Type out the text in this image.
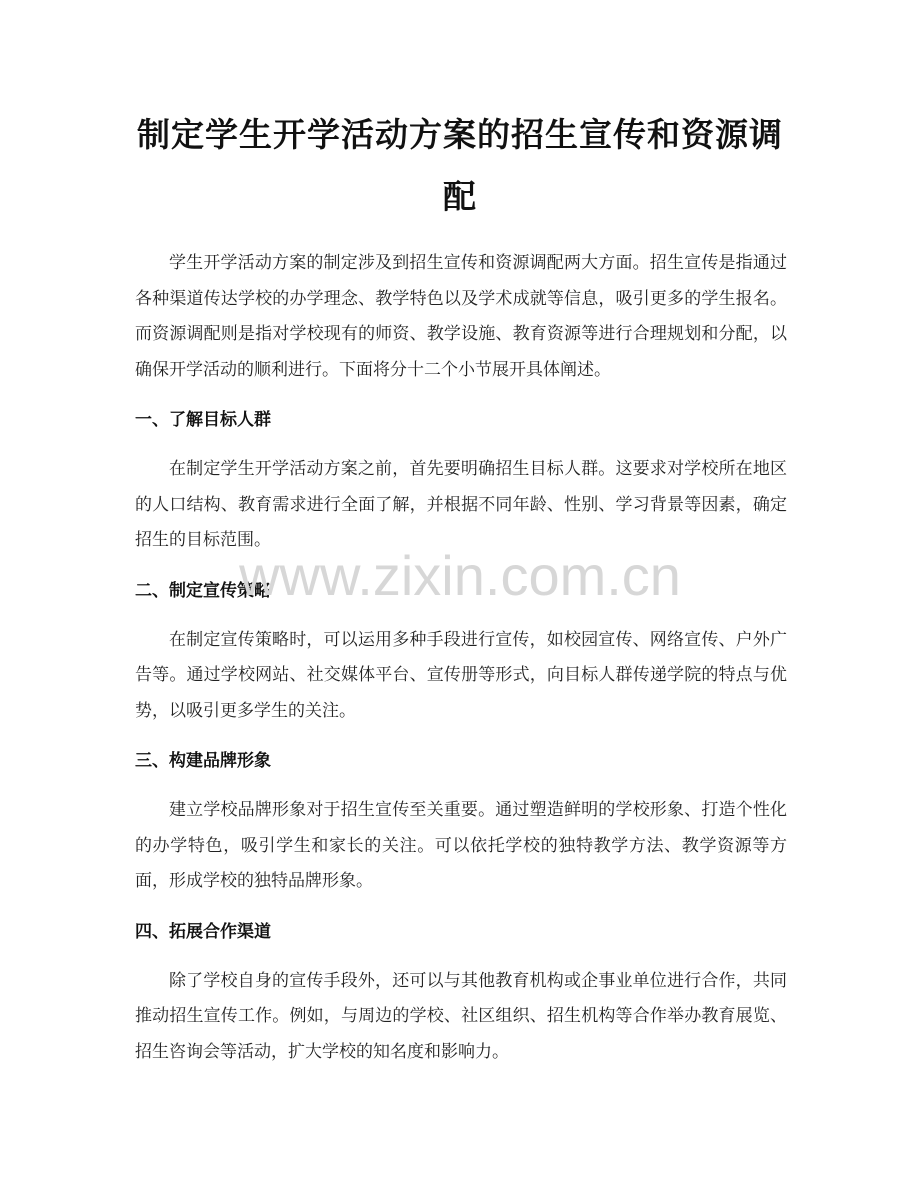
制定学生开学活动方案的招生宣传和资源调配

学生开学活动方案的制定涉及到招生宣传和资源调配两大方面。招生宣传是指通过各种渠道传达学校的办学理念、教学特色以及学术成就等信息，吸引更多的学生报名。而资源调配则是指对学校现有的师资、教学设施、教育资源等进行合理规划和分配，以确保开学活动的顺利进行。下面将分十二个小节展开具体阐述。

一、了解目标人群

在制定学生开学活动方案之前，首先要明确招生目标人群。这要求对学校所在地区的人口结构、教育需求进行全面了解，并根据不同年龄、性别、学习背景等因素，确定招生的目标范围。

二、制定宣传策略

在制定宣传策略时，可以运用多种手段进行宣传，如校园宣传、网络宣传、户外广告等。通过学校网站、社交媒体平台、宣传册等形式，向目标人群传递学院的特点与优势，以吸引更多学生的关注。

三、构建品牌形象

建立学校品牌形象对于招生宣传至关重要。通过塑造鲜明的学校形象、打造个性化的办学特色，吸引学生和家长的关注。可以依托学校的独特教学方法、教学资源等方面，形成学校的独特品牌形象。

四、拓展合作渠道

除了学校自身的宣传手段外，还可以与其他教育机构或企事业单位进行合作，共同推动招生宣传工作。例如，与周边的学校、社区组织、招生机构等合作举办教育展览、招生咨询会等活动，扩大学校的知名度和影响力。

www.zixin.com.cn
